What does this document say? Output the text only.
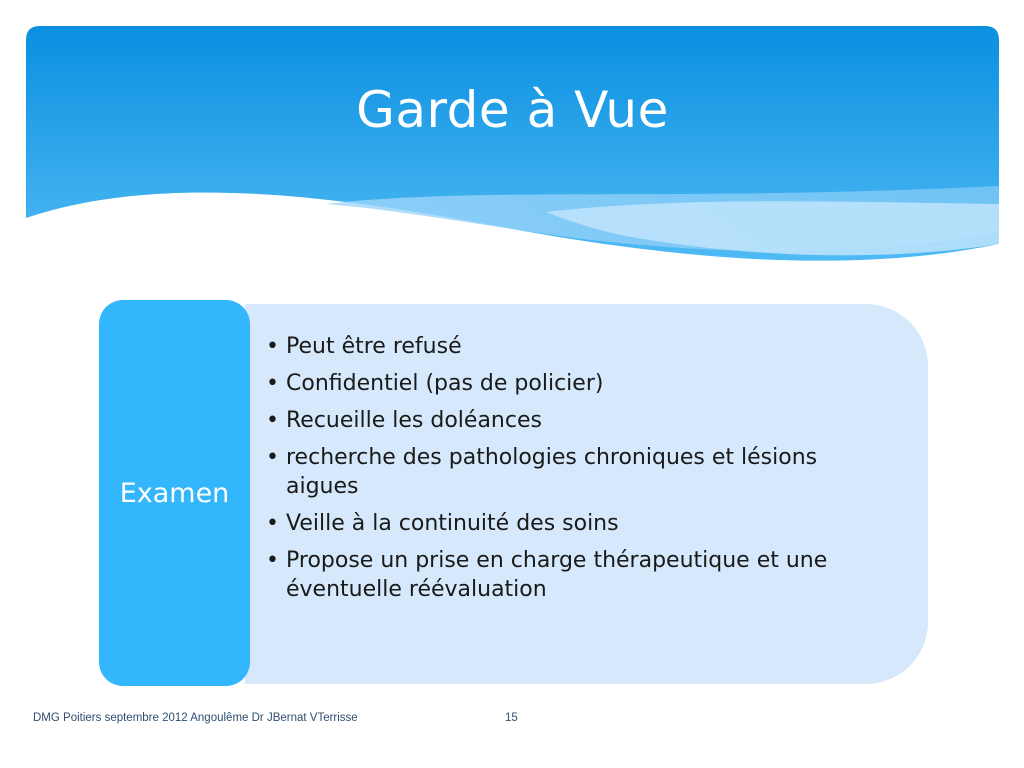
Garde à Vue
Examen
• Peut être refusé
• Confidentiel (pas de policier)
• Recueille les doléances
• recherche des pathologies chroniques et lésions aigues
• Veille à la continuité des soins
• Propose un prise en charge thérapeutique et une éventuelle réévaluation
DMG Poitiers septembre 2012 Angoulême Dr JBernat VTerrisse	15
